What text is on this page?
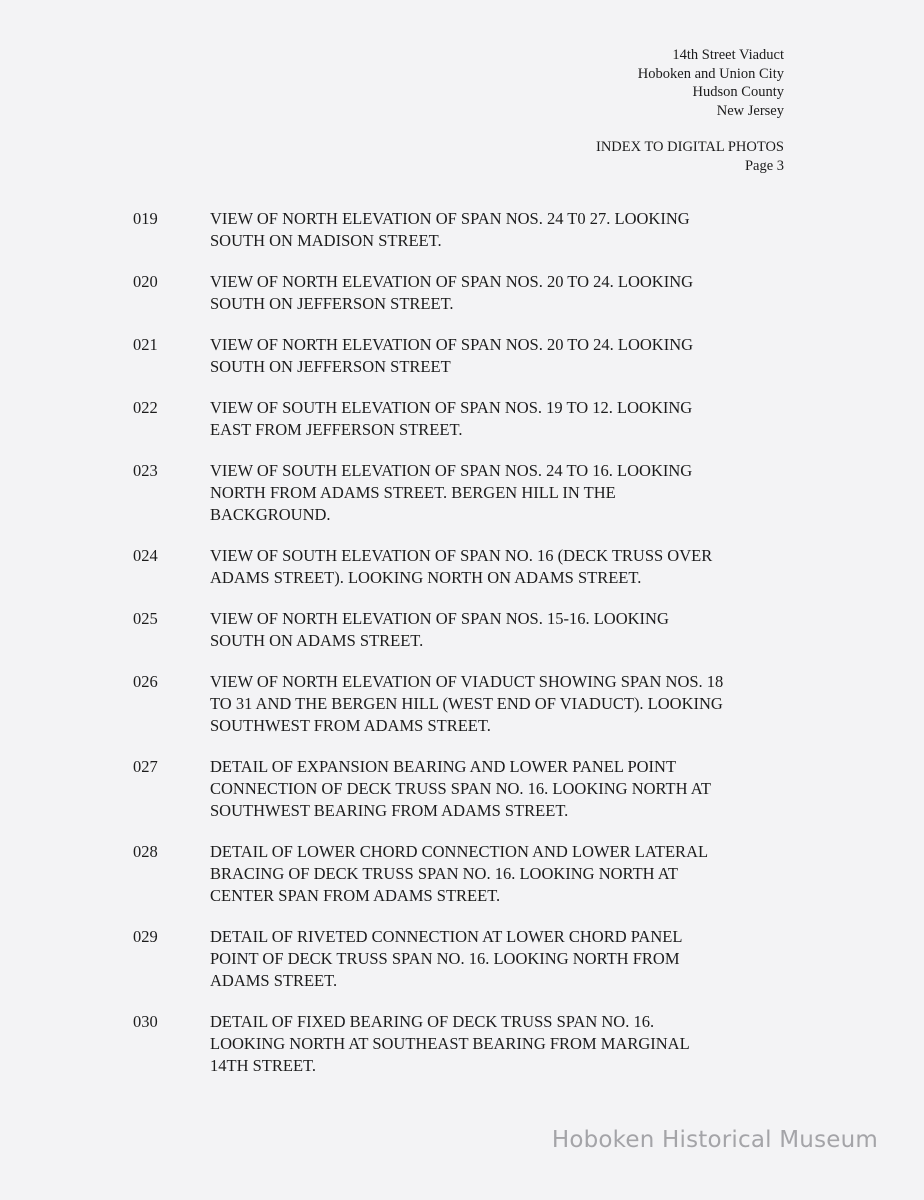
14th Street Viaduct
Hoboken and Union City
Hudson County
New Jersey
INDEX TO DIGITAL PHOTOS
Page 3
019	VIEW OF NORTH ELEVATION OF SPAN NOS. 24 T0 27. LOOKING
SOUTH ON MADISON STREET.
020	VIEW OF NORTH ELEVATION OF SPAN NOS. 20 TO 24. LOOKING
SOUTH ON JEFFERSON STREET.
021	VIEW OF NORTH ELEVATION OF SPAN NOS. 20 TO 24. LOOKING
SOUTH ON JEFFERSON STREET
022	VIEW OF SOUTH ELEVATION OF SPAN NOS. 19 TO 12. LOOKING
EAST FROM JEFFERSON STREET.
023	VIEW OF SOUTH ELEVATION OF SPAN NOS. 24 TO 16. LOOKING
NORTH FROM ADAMS STREET. BERGEN HILL IN THE
BACKGROUND.
024	VIEW OF SOUTH ELEVATION OF SPAN NO. 16 (DECK TRUSS OVER
ADAMS STREET). LOOKING NORTH ON ADAMS STREET.
025	VIEW OF NORTH ELEVATION OF SPAN NOS. 15-16. LOOKING
SOUTH ON ADAMS STREET.
026	VIEW OF NORTH ELEVATION OF VIADUCT SHOWING SPAN NOS. 18
TO 31 AND THE BERGEN HILL (WEST END OF VIADUCT). LOOKING
SOUTHWEST FROM ADAMS STREET.
027	DETAIL OF EXPANSION BEARING AND LOWER PANEL POINT
CONNECTION OF DECK TRUSS SPAN NO. 16. LOOKING NORTH AT
SOUTHWEST BEARING FROM ADAMS STREET.
028	DETAIL OF LOWER CHORD CONNECTION AND LOWER LATERAL
BRACING OF DECK TRUSS SPAN NO. 16. LOOKING NORTH AT
CENTER SPAN FROM ADAMS STREET.
029	DETAIL OF RIVETED CONNECTION AT LOWER CHORD PANEL
POINT OF DECK TRUSS SPAN NO. 16. LOOKING NORTH FROM
ADAMS STREET.
030	DETAIL OF FIXED BEARING OF DECK TRUSS SPAN NO. 16.
LOOKING NORTH AT SOUTHEAST BEARING FROM MARGINAL
14TH STREET.
Hoboken Historical Museum
